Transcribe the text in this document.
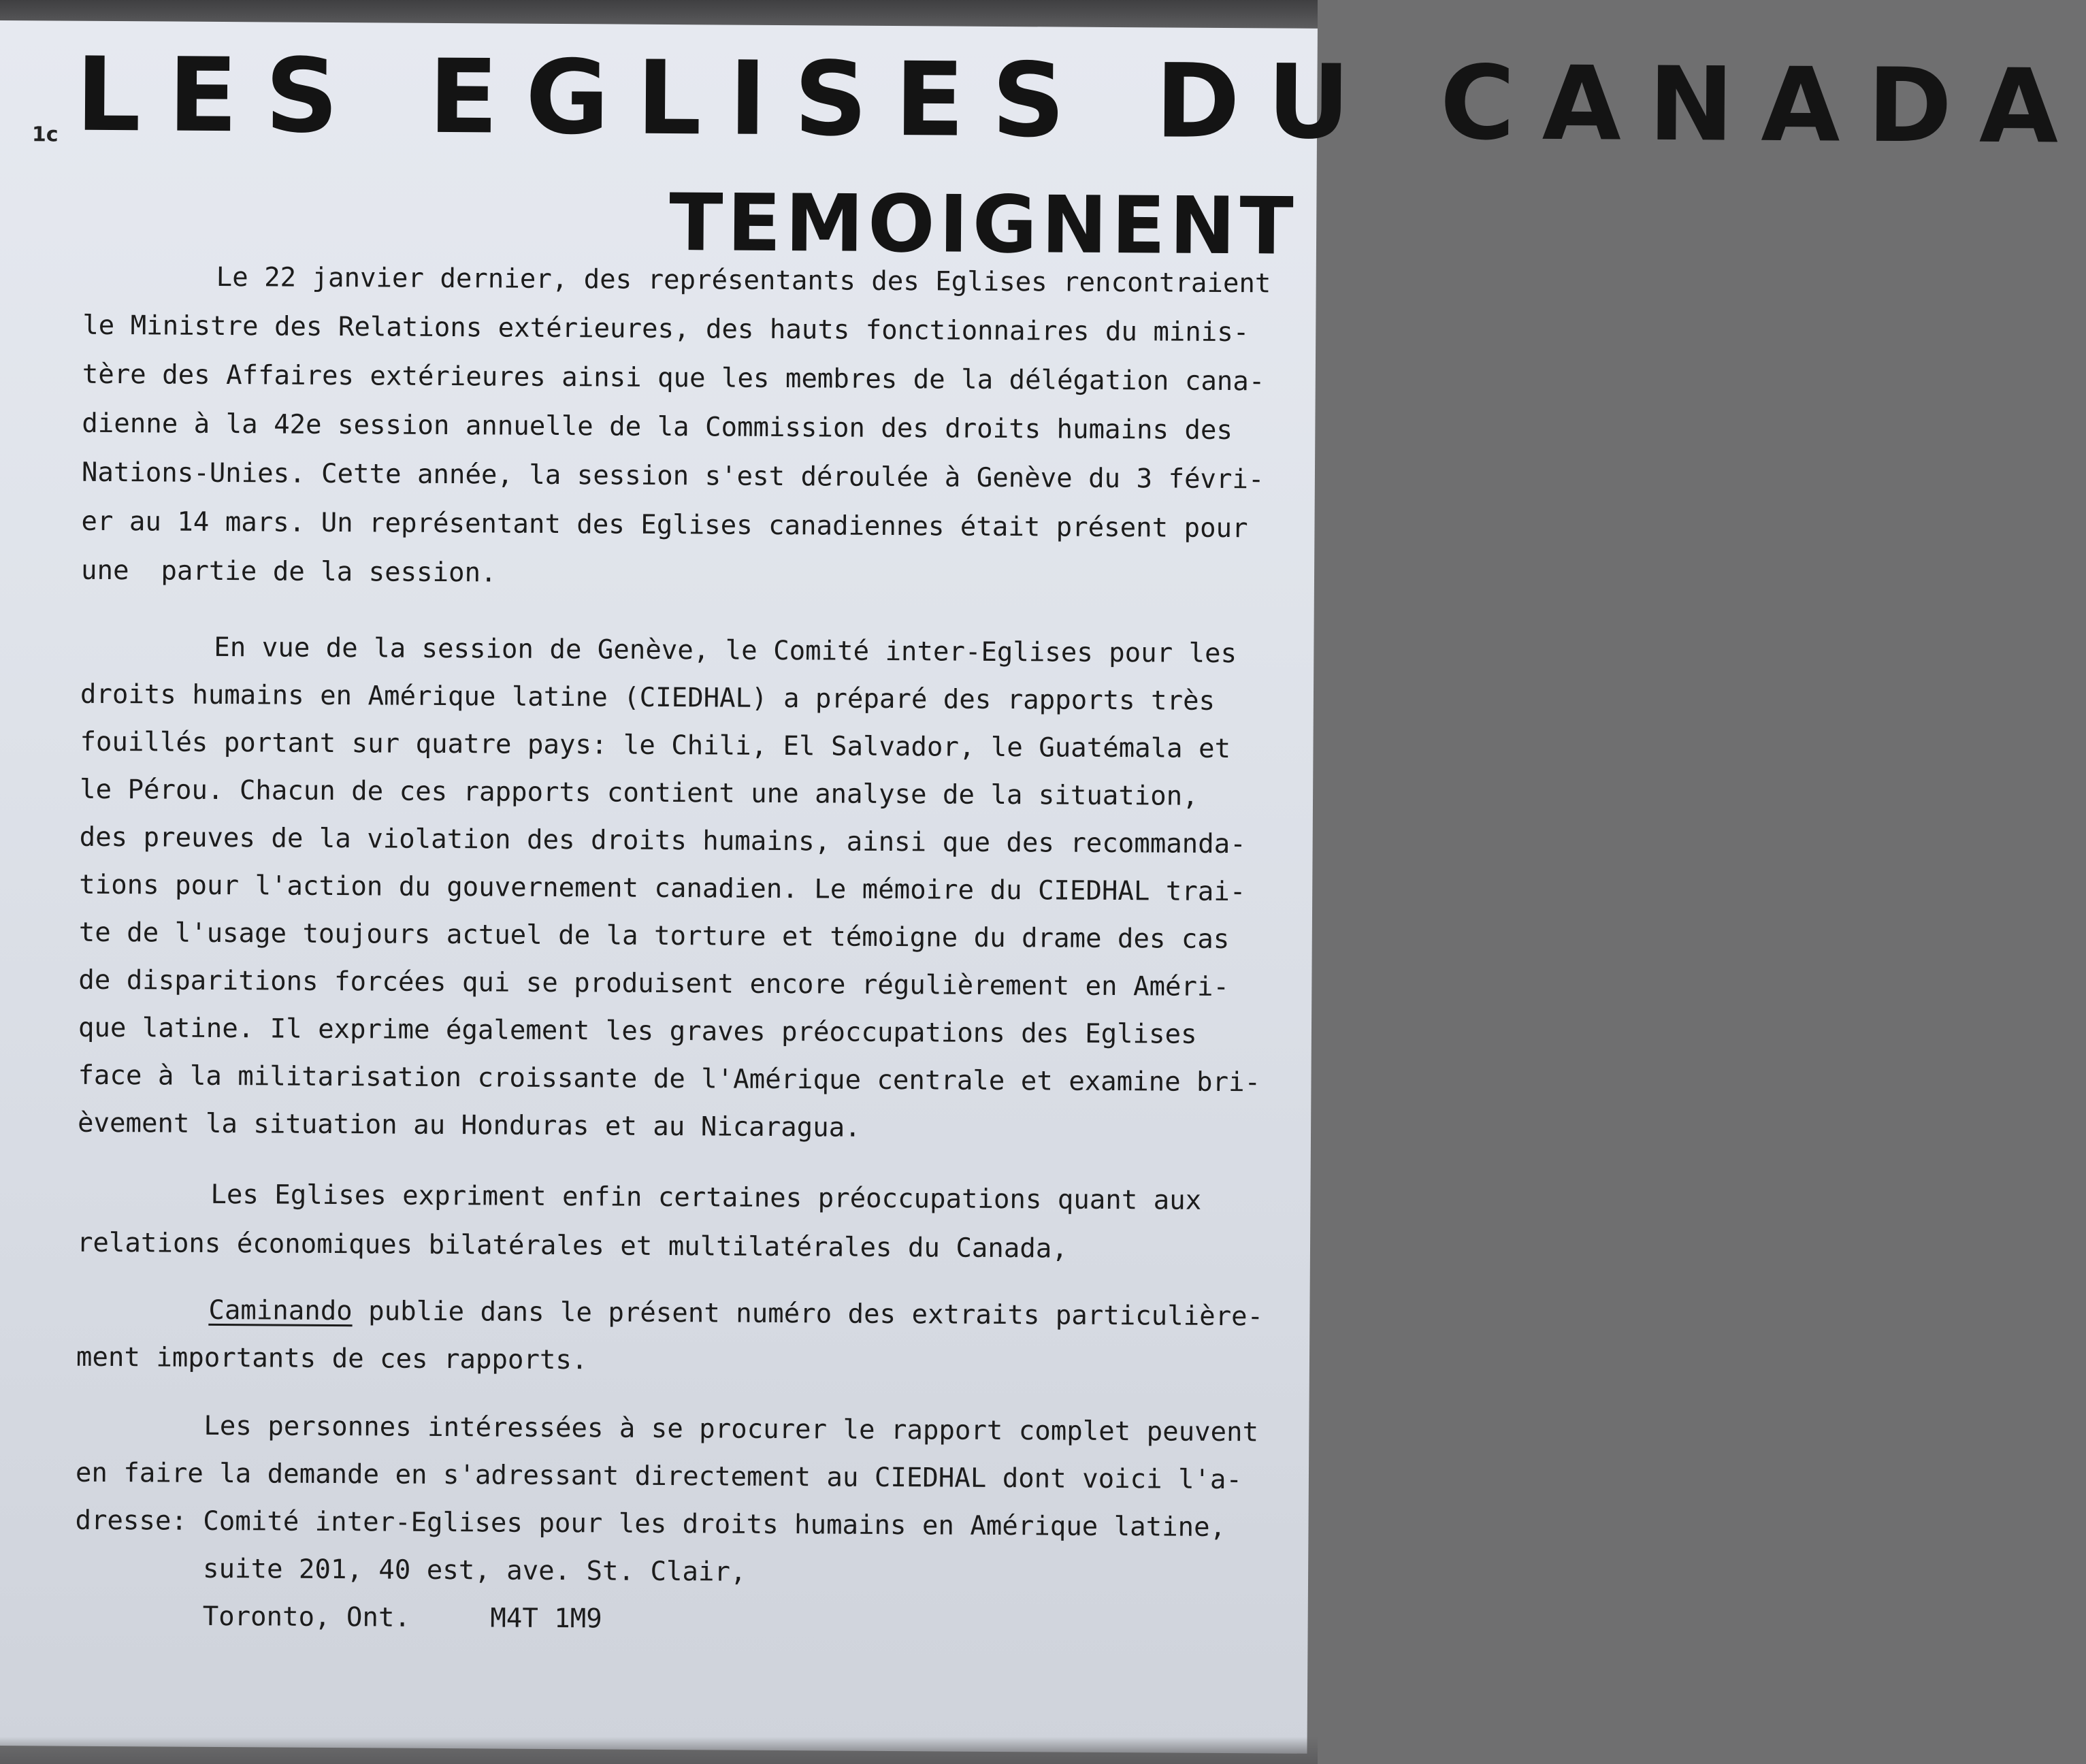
1c LES EGLISES DU CANADA
TEMOIGNENT
Le 22 janvier dernier, des représentants des Eglises rencontraient
le Ministre des Relations extérieures, des hauts fonctionnaires du minis-
tère des Affaires extérieures ainsi que les membres de la délégation cana-
dienne à la 42e session annuelle de la Commission des droits humains des
Nations-Unies. Cette année, la session s'est déroulée à Genève du 3 févri-
er au 14 mars. Un représentant des Eglises canadiennes était présent pour
une  partie de la session.
En vue de la session de Genève, le Comité inter-Eglises pour les
droits humains en Amérique latine (CIEDHAL) a préparé des rapports très
fouillés portant sur quatre pays: le Chili, El Salvador, le Guatémala et
le Pérou. Chacun de ces rapports contient une analyse de la situation,
des preuves de la violation des droits humains, ainsi que des recommanda-
tions pour l'action du gouvernement canadien. Le mémoire du CIEDHAL trai-
te de l'usage toujours actuel de la torture et témoigne du drame des cas
de disparitions forcées qui se produisent encore régulièrement en Améri-
que latine. Il exprime également les graves préoccupations des Eglises
face à la militarisation croissante de l'Amérique centrale et examine bri-
èvement la situation au Honduras et au Nicaragua.
Les Eglises expriment enfin certaines préoccupations quant aux
relations économiques bilatérales et multilatérales du Canada,
Caminando publie dans le présent numéro des extraits particulière-
ment importants de ces rapports.
Les personnes intéressées à se procurer le rapport complet peuvent
en faire la demande en s'adressant directement au CIEDHAL dont voici l'a-
dresse: Comité inter-Eglises pour les droits humains en Amérique latine,
suite 201, 40 est, ave. St. Clair,
Toronto, Ont.     M4T 1M9
